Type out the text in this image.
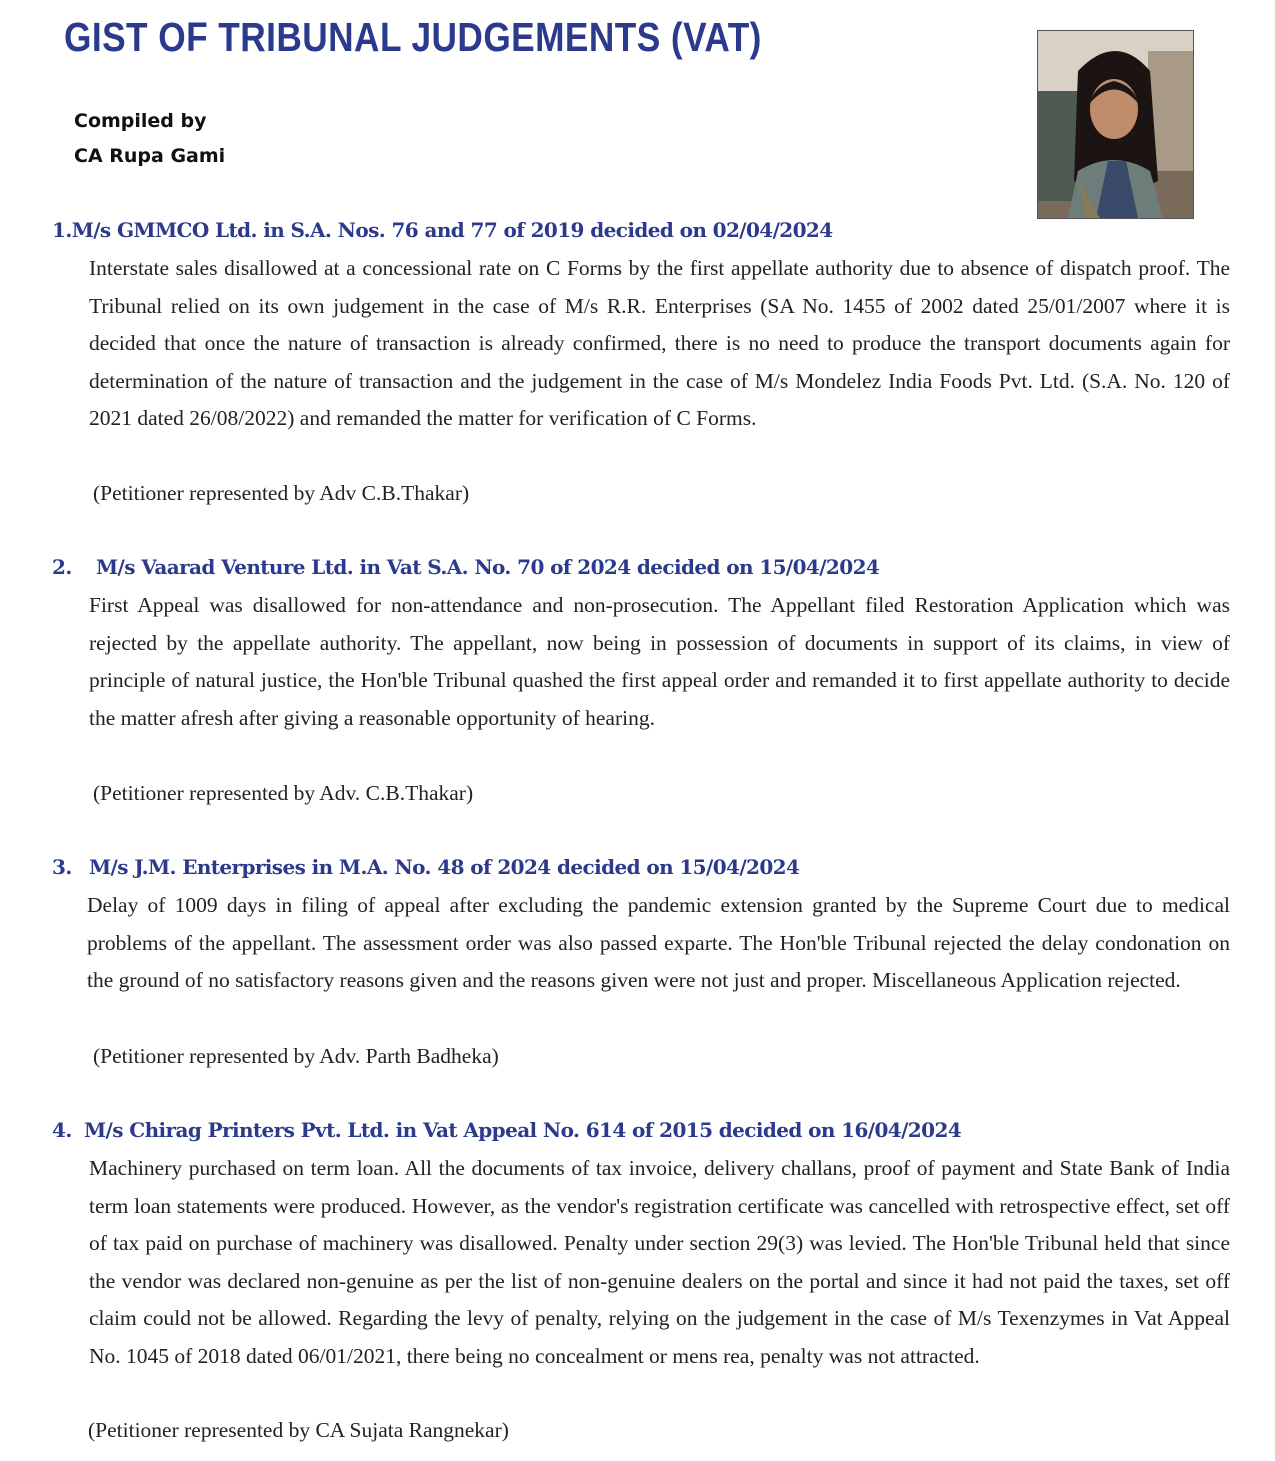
GIST OF TRIBUNAL JUDGEMENTS (VAT)
Compiled by
CA Rupa Gami
1.M/s GMMCO Ltd. in S.A. Nos. 76 and 77 of 2019 decided on 02/04/2024

Interstate sales disallowed at a concessional rate on C Forms by the first appellate authority due to absence of dispatch proof. The Tribunal relied on its own judgement in the case of M/s R.R. Enterprises (SA No. 1455 of 2002 dated 25/01/2007 where it is decided that once the nature of transaction is already confirmed, there is no need to produce the transport documents again for determination of the nature of transaction and the judgement in the case of M/s Mondelez India Foods Pvt. Ltd. (S.A. No. 120 of 2021 dated 26/08/2022) and remanded the matter for verification of C Forms.

(Petitioner represented by Adv C.B.Thakar)
2. M/s Vaarad Venture Ltd. in Vat S.A. No. 70 of 2024 decided on 15/04/2024

First Appeal was disallowed for non-attendance and non-prosecution. The Appellant filed Restoration Application which was rejected by the appellate authority. The appellant, now being in possession of documents in support of its claims, in view of principle of natural justice, the Hon'ble Tribunal quashed the first appeal order and remanded it to first appellate authority to decide the matter afresh after giving a reasonable opportunity of hearing.

(Petitioner represented by Adv. C.B.Thakar)
3. M/s J.M. Enterprises in M.A. No. 48 of 2024 decided on 15/04/2024

Delay of 1009 days in filing of appeal after excluding the pandemic extension granted by the Supreme Court due to medical problems of the appellant. The assessment order was also passed exparte. The Hon'ble Tribunal rejected the delay condonation on the ground of no satisfactory reasons given and the reasons given were not just and proper. Miscellaneous Application rejected.

(Petitioner represented by Adv. Parth Badheka)
4. M/s Chirag Printers Pvt. Ltd. in Vat Appeal No. 614 of 2015 decided on 16/04/2024

Machinery purchased on term loan. All the documents of tax invoice, delivery challans, proof of payment and State Bank of India term loan statements were produced. However, as the vendor's registration certificate was cancelled with retrospective effect, set off of tax paid on purchase of machinery was disallowed. Penalty under section 29(3) was levied. The Hon'ble Tribunal held that since the vendor was declared non-genuine as per the list of non-genuine dealers on the portal and since it had not paid the taxes, set off claim could not be allowed. Regarding the levy of penalty, relying on the judgement in the case of M/s Texenzymes in Vat Appeal No. 1045 of 2018 dated 06/01/2021, there being no concealment or mens rea, penalty was not attracted.

(Petitioner represented by CA Sujata Rangnekar)
